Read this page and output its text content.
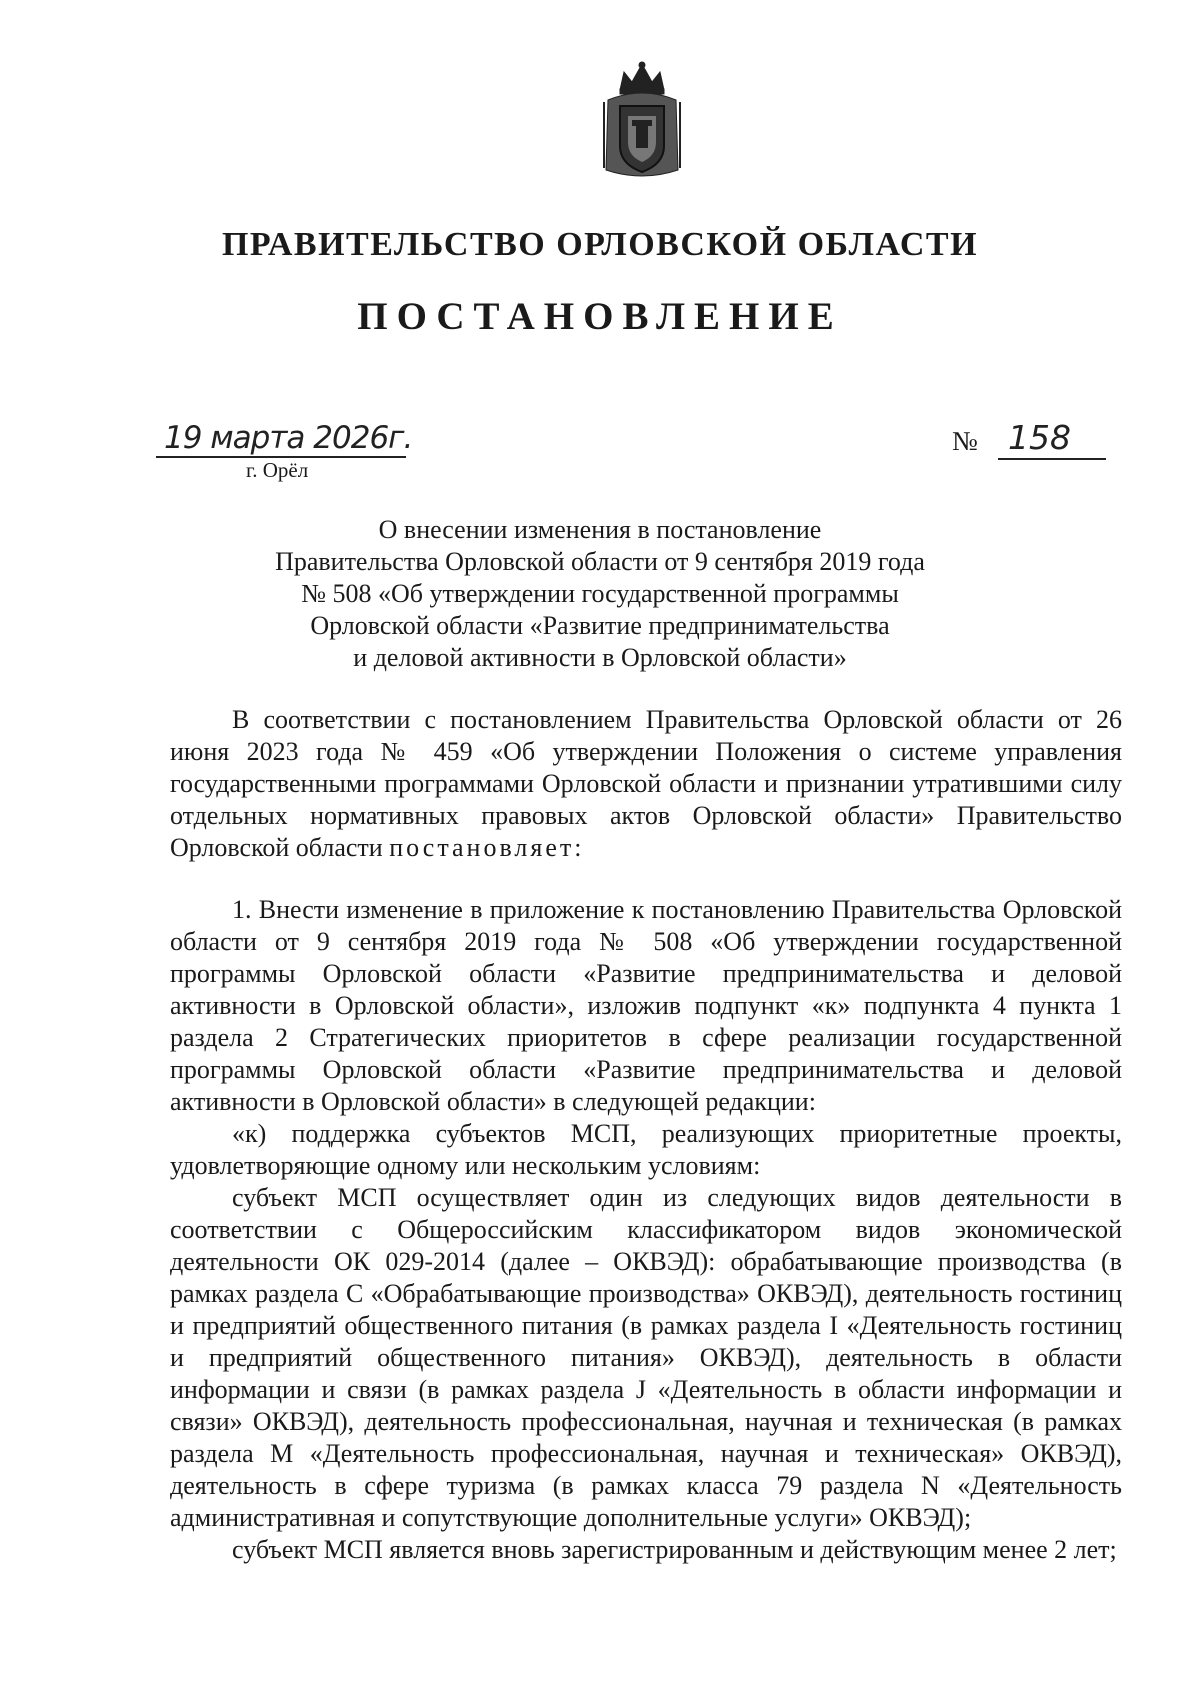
ПРАВИТЕЛЬСТВО ОРЛОВСКОЙ ОБЛАСТИ
ПОСТАНОВЛЕНИЕ
19 марта 2026г.
г. Орёл
№ 158
О внесении изменения в постановление
Правительства Орловской области от 9 сентября 2019 года
№ 508 «Об утверждении государственной программы
Орловской области «Развитие предпринимательства
и деловой активности в Орловской области»

В соответствии с постановлением Правительства Орловской области от 26 июня 2023 года № 459 «Об утверждении Положения о системе управления государственными программами Орловской области и признании утратившими силу отдельных нормативных правовых актов Орловской области» Правительство Орловской области постановляет:

1. Внести изменение в приложение к постановлению Правительства Орловской области от 9 сентября 2019 года № 508 «Об утверждении государственной программы Орловской области «Развитие предпринимательства и деловой активности в Орловской области», изложив подпункт «к» подпункта 4 пункта 1 раздела 2 Стратегических приоритетов в сфере реализации государственной программы Орловской области «Развитие предпринимательства и деловой активности в Орловской области» в следующей редакции:

«к) поддержка субъектов МСП, реализующих приоритетные проекты, удовлетворяющие одному или нескольким условиям:

субъект МСП осуществляет один из следующих видов деятельности в соответствии с Общероссийским классификатором видов экономической деятельности ОК 029-2014 (далее – ОКВЭД): обрабатывающие производства (в рамках раздела С «Обрабатывающие производства» ОКВЭД), деятельность гостиниц и предприятий общественного питания (в рамках раздела I «Деятельность гостиниц и предприятий общественного питания» ОКВЭД), деятельность в области информации и связи (в рамках раздела J «Деятельность в области информации и связи» ОКВЭД), деятельность профессиональная, научная и техническая (в рамках раздела М «Деятельность профессиональная, научная и техническая» ОКВЭД), деятельность в сфере туризма (в рамках класса 79 раздела N «Деятельность административная и сопутствующие дополнительные услуги» ОКВЭД);

субъект МСП является вновь зарегистрированным и действующим менее 2 лет;
